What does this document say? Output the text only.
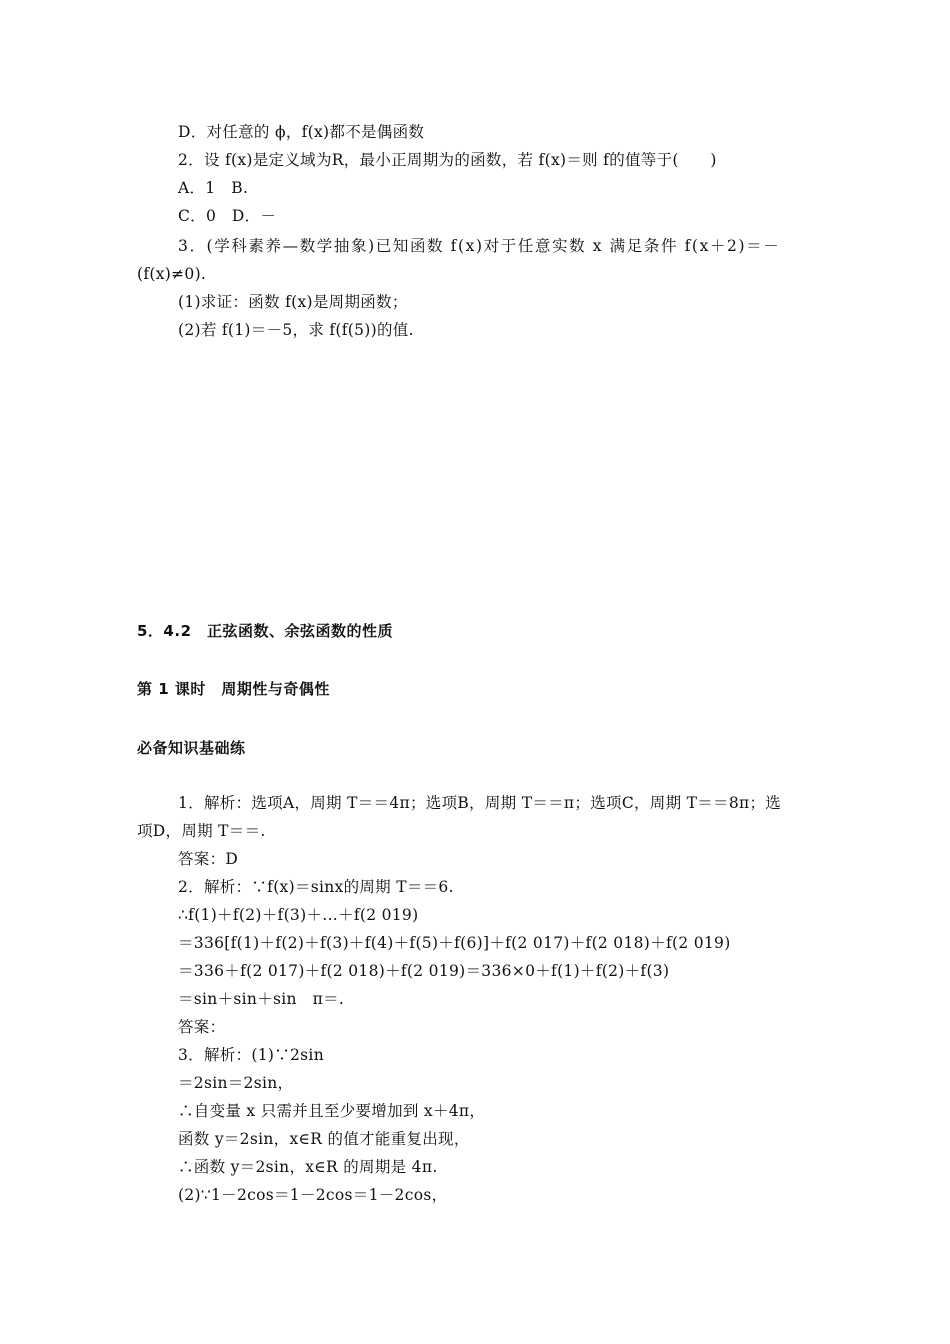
D．对任意的 ϕ，f(x)都不是偶函数
2．设 f(x)是定义域为R，最小正周期为的函数，若 f(x)＝则 f的值等于(　　)
A．1　B.
C．0　D．－
3．(学科素养—数学抽象)已知函数 f(x)对于任意实数 x 满足条件 f(x＋2)＝－
(f(x)≠0).
(1)求证：函数 f(x)是周期函数；
(2)若 f(1)＝－5，求 f(f(5))的值.
5．4.2　正弦函数、余弦函数的性质
第 1 课时　周期性与奇偶性
必备知识基础练
1．解析：选项A，周期 T＝＝4π；选项B，周期 T＝＝π；选项C，周期 T＝＝8π；选
项D，周期 T＝＝.
答案：D
2．解析：∵f(x)＝sinx的周期 T＝＝6.
∴f(1)＋f(2)＋f(3)＋…＋f(2 019)
＝336[f(1)＋f(2)＋f(3)＋f(4)＋f(5)＋f(6)]＋f(2 017)＋f(2 018)＋f(2 019)
＝336＋f(2 017)＋f(2 018)＋f(2 019)＝336×0＋f(1)＋f(2)＋f(3)
＝sin＋sin＋sin　π＝.
答案：
3．解析：(1)∵2sin
＝2sin＝2sin，
∴自变量 x 只需并且至少要增加到 x＋4π，
函数 y＝2sin，x∈R 的值才能重复出现，
∴函数 y＝2sin，x∈R 的周期是 4π.
(2)∵1－2cos＝1－2cos＝1－2cos，
